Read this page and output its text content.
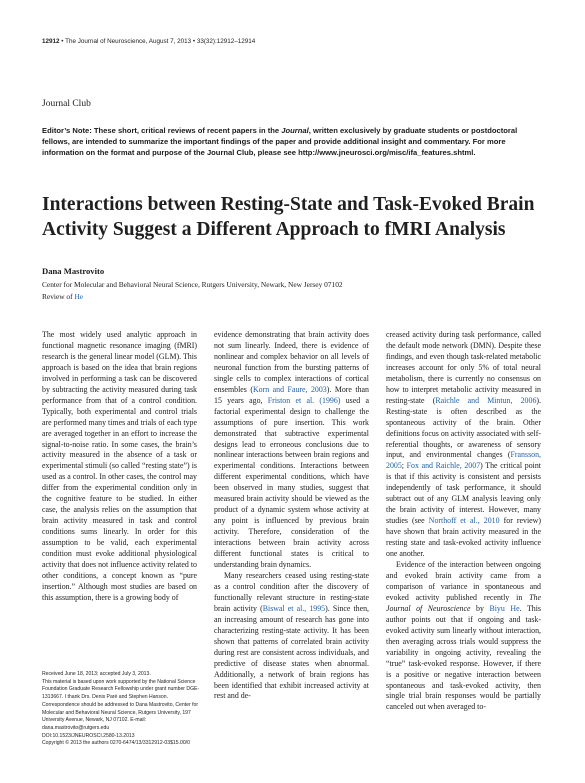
12912 • The Journal of Neuroscience, August 7, 2013 • 33(32):12912–12914
Journal Club
Editor’s Note: These short, critical reviews of recent papers in the Journal, written exclusively by graduate students or postdoctoral fellows, are intended to summarize the important findings of the paper and provide additional insight and commentary. For more information on the format and purpose of the Journal Club, please see http://www.jneurosci.org/misc/ifa_features.shtml.
Interactions between Resting-State and Task-Evoked Brain Activity Suggest a Different Approach to fMRI Analysis
Dana Mastrovito
Center for Molecular and Behavioral Neural Science, Rutgers University, Newark, New Jersey 07102
Review of He

The most widely used analytic approach in functional magnetic resonance imaging (fMRI) research is the general linear model (GLM). This approach is based on the idea that brain regions involved in performing a task can be discovered by subtracting the activity measured during task performance from that of a control condition. Typically, both experimental and control trials are performed many times and trials of each type are averaged together in an effort to increase the signal-to-noise ratio. In some cases, the brain’s activity measured in the absence of a task or experimental stimuli (so called “resting state”) is used as a control. In other cases, the control may differ from the experimental condition only in the cognitive feature to be studied. In either case, the analysis relies on the assumption that brain activity measured in task and control conditions sums linearly. In order for this assumption to be valid, each experimental condition must evoke additional physiological activity that does not influence activity related to other conditions, a concept known as “pure insertion.” Although most studies are based on this assumption, there is a growing body of

evidence demonstrating that brain activity does not sum linearly. Indeed, there is evidence of nonlinear and complex behavior on all levels of neuronal function from the bursting patterns of single cells to complex interactions of cortical ensembles (Korn and Faure, 2003). More than 15 years ago, Friston et al. (1996) used a factorial experimental design to challenge the assumptions of pure insertion. This work demonstrated that subtractive experimental designs lead to erroneous conclusions due to nonlinear interactions between brain regions and experimental conditions. Interactions between different experimental conditions, which have been observed in many studies, suggest that measured brain activity should be viewed as the product of a dynamic system whose activity at any point is influenced by previous brain activity. Therefore, consideration of the interactions between brain activity across different functional states is critical to understanding brain dynamics.

Many researchers ceased using resting-state as a control condition after the discovery of functionally relevant structure in resting-state brain activity (Biswal et al., 1995). Since then, an increasing amount of research has gone into characterizing resting-state activity. It has been shown that patterns of correlated brain activity during rest are consistent across individuals, and predictive of disease states when abnormal. Additionally, a network of brain regions has been identified that exhibit increased activity at rest and de-

creased activity during task performance, called the default mode network (DMN). Despite these findings, and even though task-related metabolic increases account for only 5% of total neural metabolism, there is currently no consensus on how to interpret metabolic activity measured in resting-state (Raichle and Mintun, 2006). Resting-state is often described as the spontaneous activity of the brain. Other definitions focus on activity associated with self-referential thoughts, or awareness of sensory input, and environmental changes (Fransson, 2005; Fox and Raichle, 2007) The critical point is that if this activity is consistent and persists independently of task performance, it should subtract out of any GLM analysis leaving only the brain activity of interest. However, many studies (see Northoff et al., 2010 for review) have shown that brain activity measured in the resting state and task-evoked activity influence one another.

Evidence of the interaction between ongoing and evoked brain activity came from a comparison of variance in spontaneous and evoked activity published recently in The Journal of Neuroscience by Biyu He. This author points out that if ongoing and task-evoked activity sum linearly without interaction, then averaging across trials would suppress the variability in ongoing activity, revealing the “true” task-evoked response. However, if there is a positive or negative interaction between spontaneous and task-evoked activity, then single trial brain responses would be partially canceled out when averaged to-

Received June 18, 2013; accepted July 3, 2013.

This material is based upon work supported by the National Science Foundation Graduate Research Fellowship under grant number DGE-1313667. I thank Drs. Denis Paré and Stephen Hanson.

Correspondence should be addressed to Dana Mastrovito, Center for Molecular and Behavioral Neural Science, Rutgers University, 197 University Avenue, Newark, NJ 07102. E-mail: dana.mastrovito@rutgers.edu

DOI:10.1523/JNEUROSCI.2580-13.2013

Copyright © 2013 the authors 0270-6474/13/3312912-03$15.00/0
